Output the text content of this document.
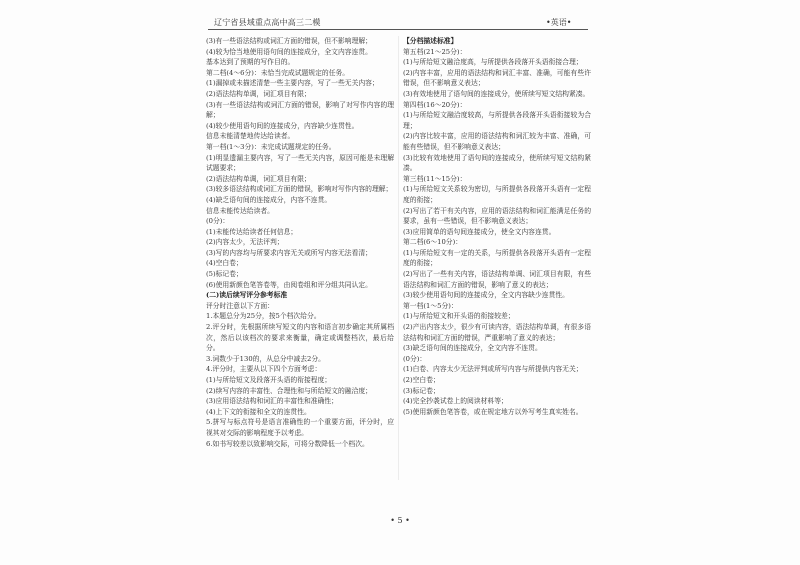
辽宁省县域重点高中高三二模	•英语•

(3)有一些语法结构或词汇方面的错误，但不影响理解；

(4)较为恰当地使用语句间的连接成分，全文内容连贯。

基本达到了预期的写作目的。

第二档(4～6分)：未恰当完成试题规定的任务。

(1)漏掉或未描述清楚一些主要内容，写了一些无关内容；

(2)语法结构单调，词汇项目有限；

(3)有一些语法结构或词汇方面的错误，影响了对写作内容的理解；

(4)较少使用语句间的连接成分，内容缺少连贯性。

信息未能清楚地传达给读者。

第一档(1～3分)：未完成试题规定的任务。

(1)明显遗漏主要内容，写了一些无关内容，原因可能是未理解试题要求；

(2)语法结构单调，词汇项目有限；

(3)较多语法结构或词汇方面的错误，影响对写作内容的理解；

(4)缺乏语句间的连接成分，内容不连贯。

信息未能传达给读者。

(0分)：

(1)未能传达给读者任何信息；

(2)内容太少，无法评判；

(3)写的内容均与所要求内容无关或所写内容无法看清；

(4)空白卷；

(5)标记卷；

(6)使用新颜色笔答卷等，由阅卷组和评分组共同认定。

(二)读后续写评分参考标准

评分时注意以下方面：

1.本题总分为25分，按5个档次给分。

2.评分时，先根据所续写短文的内容和语言初步确定其所属档次，然后以该档次的要求来衡量，确定或调整档次，最后给分。

3.词数少于130的，从总分中减去2分。

4.评分时，主要从以下四个方面考虑：

(1)与所给短文及段落开头语的衔接程度；

(2)续写内容的丰富性、合理性和与所给短文的融洽度；

(3)应用语法结构和词汇的丰富性和准确性；

(4)上下文的衔接和全文的连贯性。

5.拼写与标点符号是语言准确性的一个重要方面，评分时，应视其对交际的影响程度予以考虑。

6.如书写较差以致影响交际，可将分数降低一个档次。

【分档描述标准】

第五档(21～25分)：

(1)与所给短文融洽度高，与所提供各段落开头语衔接合理；

(2)内容丰富，应用的语法结构和词汇丰富、准确，可能有些许错误，但不影响意义表达；

(3)有效地使用了语句间的连接成分，使所续写短文结构紧凑。

第四档(16～20分)：

(1)与所给短文融洽度较高，与所提供各段落开头语衔接较为合理；

(2)内容比较丰富，应用的语法结构和词汇较为丰富、准确，可能有些错误，但不影响意义表达；

(3)比较有效地使用了语句间的连接成分，使所续写短文结构紧凑。

第三档(11～15分)：

(1)与所给短文关系较为密切，与所提供各段落开头语有一定程度的衔接；

(2)写出了若干有关内容，应用的语法结构和词汇能满足任务的要求，虽有一些错误，但不影响意义表达；

(3)应用简单的语句间连接成分，使全文内容连贯。

第二档(6～10分)：

(1)与所给短文有一定的关系，与所提供各段落开头语有一定程度的衔接；

(2)写出了一些有关内容，语法结构单调、词汇项目有限，有些语法结构和词汇方面的错误，影响了意义的表达；

(3)较少使用语句间的连接成分，全文内容缺少连贯性。

第一档(1～5分)：

(1)与所给短文和开头语的衔接较差；

(2)产出内容太少，很少有可读内容，语法结构单调，有很多语法结构和词汇方面的错误，严重影响了意义的表达；

(3)缺乏语句间的连接成分，全文内容不连贯。

(0分)：

(1)白卷、内容太少无法评判或所写内容与所提供内容无关；

(2)空白卷；

(3)标记卷；

(4)完全抄袭试卷上的阅读材料等；

(5)使用新颜色笔答卷，或在规定地方以外写考生真实姓名。

• 5 •
